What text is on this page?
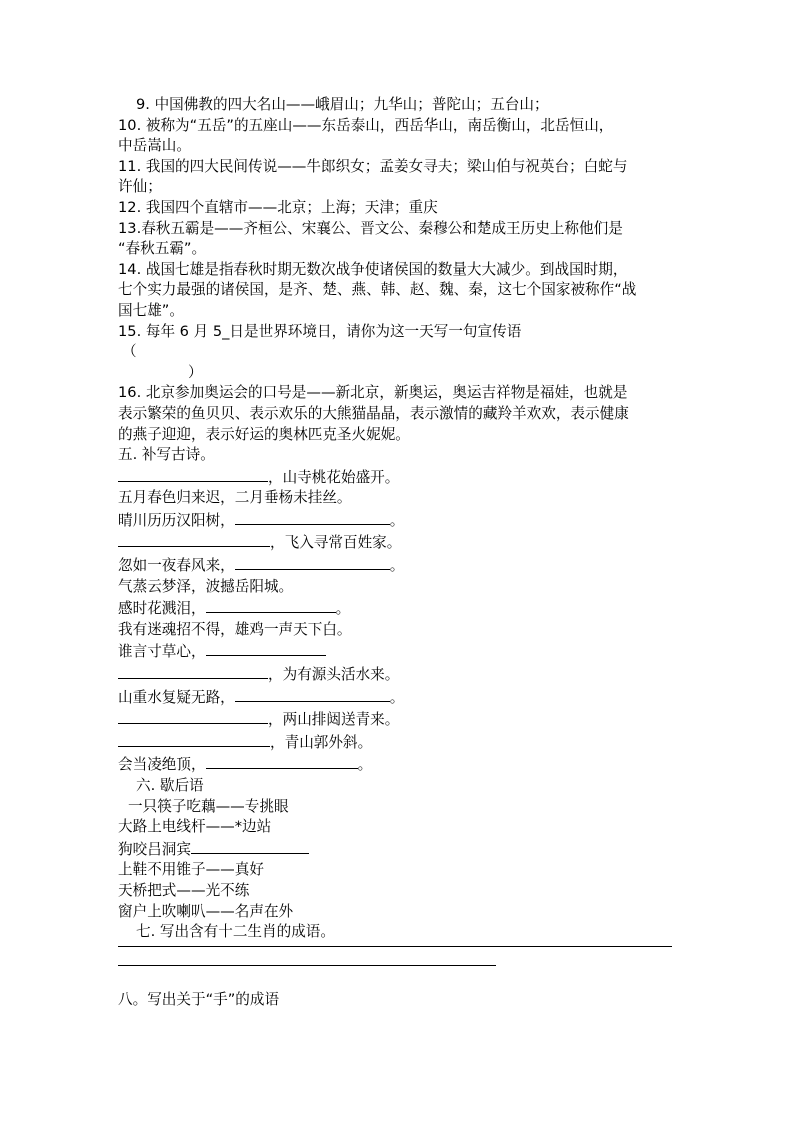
9. 中国佛教的四大名山——峨眉山；九华山；普陀山；五台山；
10. 被称为“五岳”的五座山——东岳泰山，西岳华山，南岳衡山，北岳恒山，
中岳嵩山。
11. 我国的四大民间传说——牛郎织女；孟姜女寻夫；梁山伯与祝英台；白蛇与
许仙；
12. 我国四个直辖市——北京；上海；天津；重庆
13.春秋五霸是——齐桓公、宋襄公、晋文公、秦穆公和楚成王历史上称他们是
“春秋五霸”。
14. 战国七雄是指春秋时期无数次战争使诸侯国的数量大大减少。到战国时期，
七个实力最强的诸侯国，是齐、楚、燕、韩、赵、魏、秦，这七个国家被称作“战
国七雄”。
15. 每年 6 月 5_日是世界环境日，请你为这一天写一句宣传语
（
）
16. 北京参加奥运会的口号是——新北京，新奥运，奥运吉祥物是福娃，也就是
表示繁荣的鱼贝贝、表示欢乐的大熊猫晶晶，表示激情的藏羚羊欢欢，表示健康
的燕子迎迎，表示好运的奥林匹克圣火妮妮。
五. 补写古诗。
，山寺桃花始盛开。
五月春色归来迟，二月垂杨未挂丝。
晴川历历汉阳树，	。
，飞入寻常百姓家。
忽如一夜春风来，	。
气蒸云梦泽，波撼岳阳城。
感时花溅泪，	。
我有迷魂招不得，雄鸡一声天下白。
谁言寸草心，
，为有源头活水来。
山重水复疑无路，	。
，两山排闼送青来。
，青山郭外斜。
会当凌绝顶，	。
六. 歇后语
一只筷子吃藕——专挑眼
大路上电线杆——*边站
狗咬吕洞宾
上鞋不用锥子——真好
天桥把式——光不练
窗户上吹喇叭——名声在外
七. 写出含有十二生肖的成语。
八。写出关于“手”的成语
